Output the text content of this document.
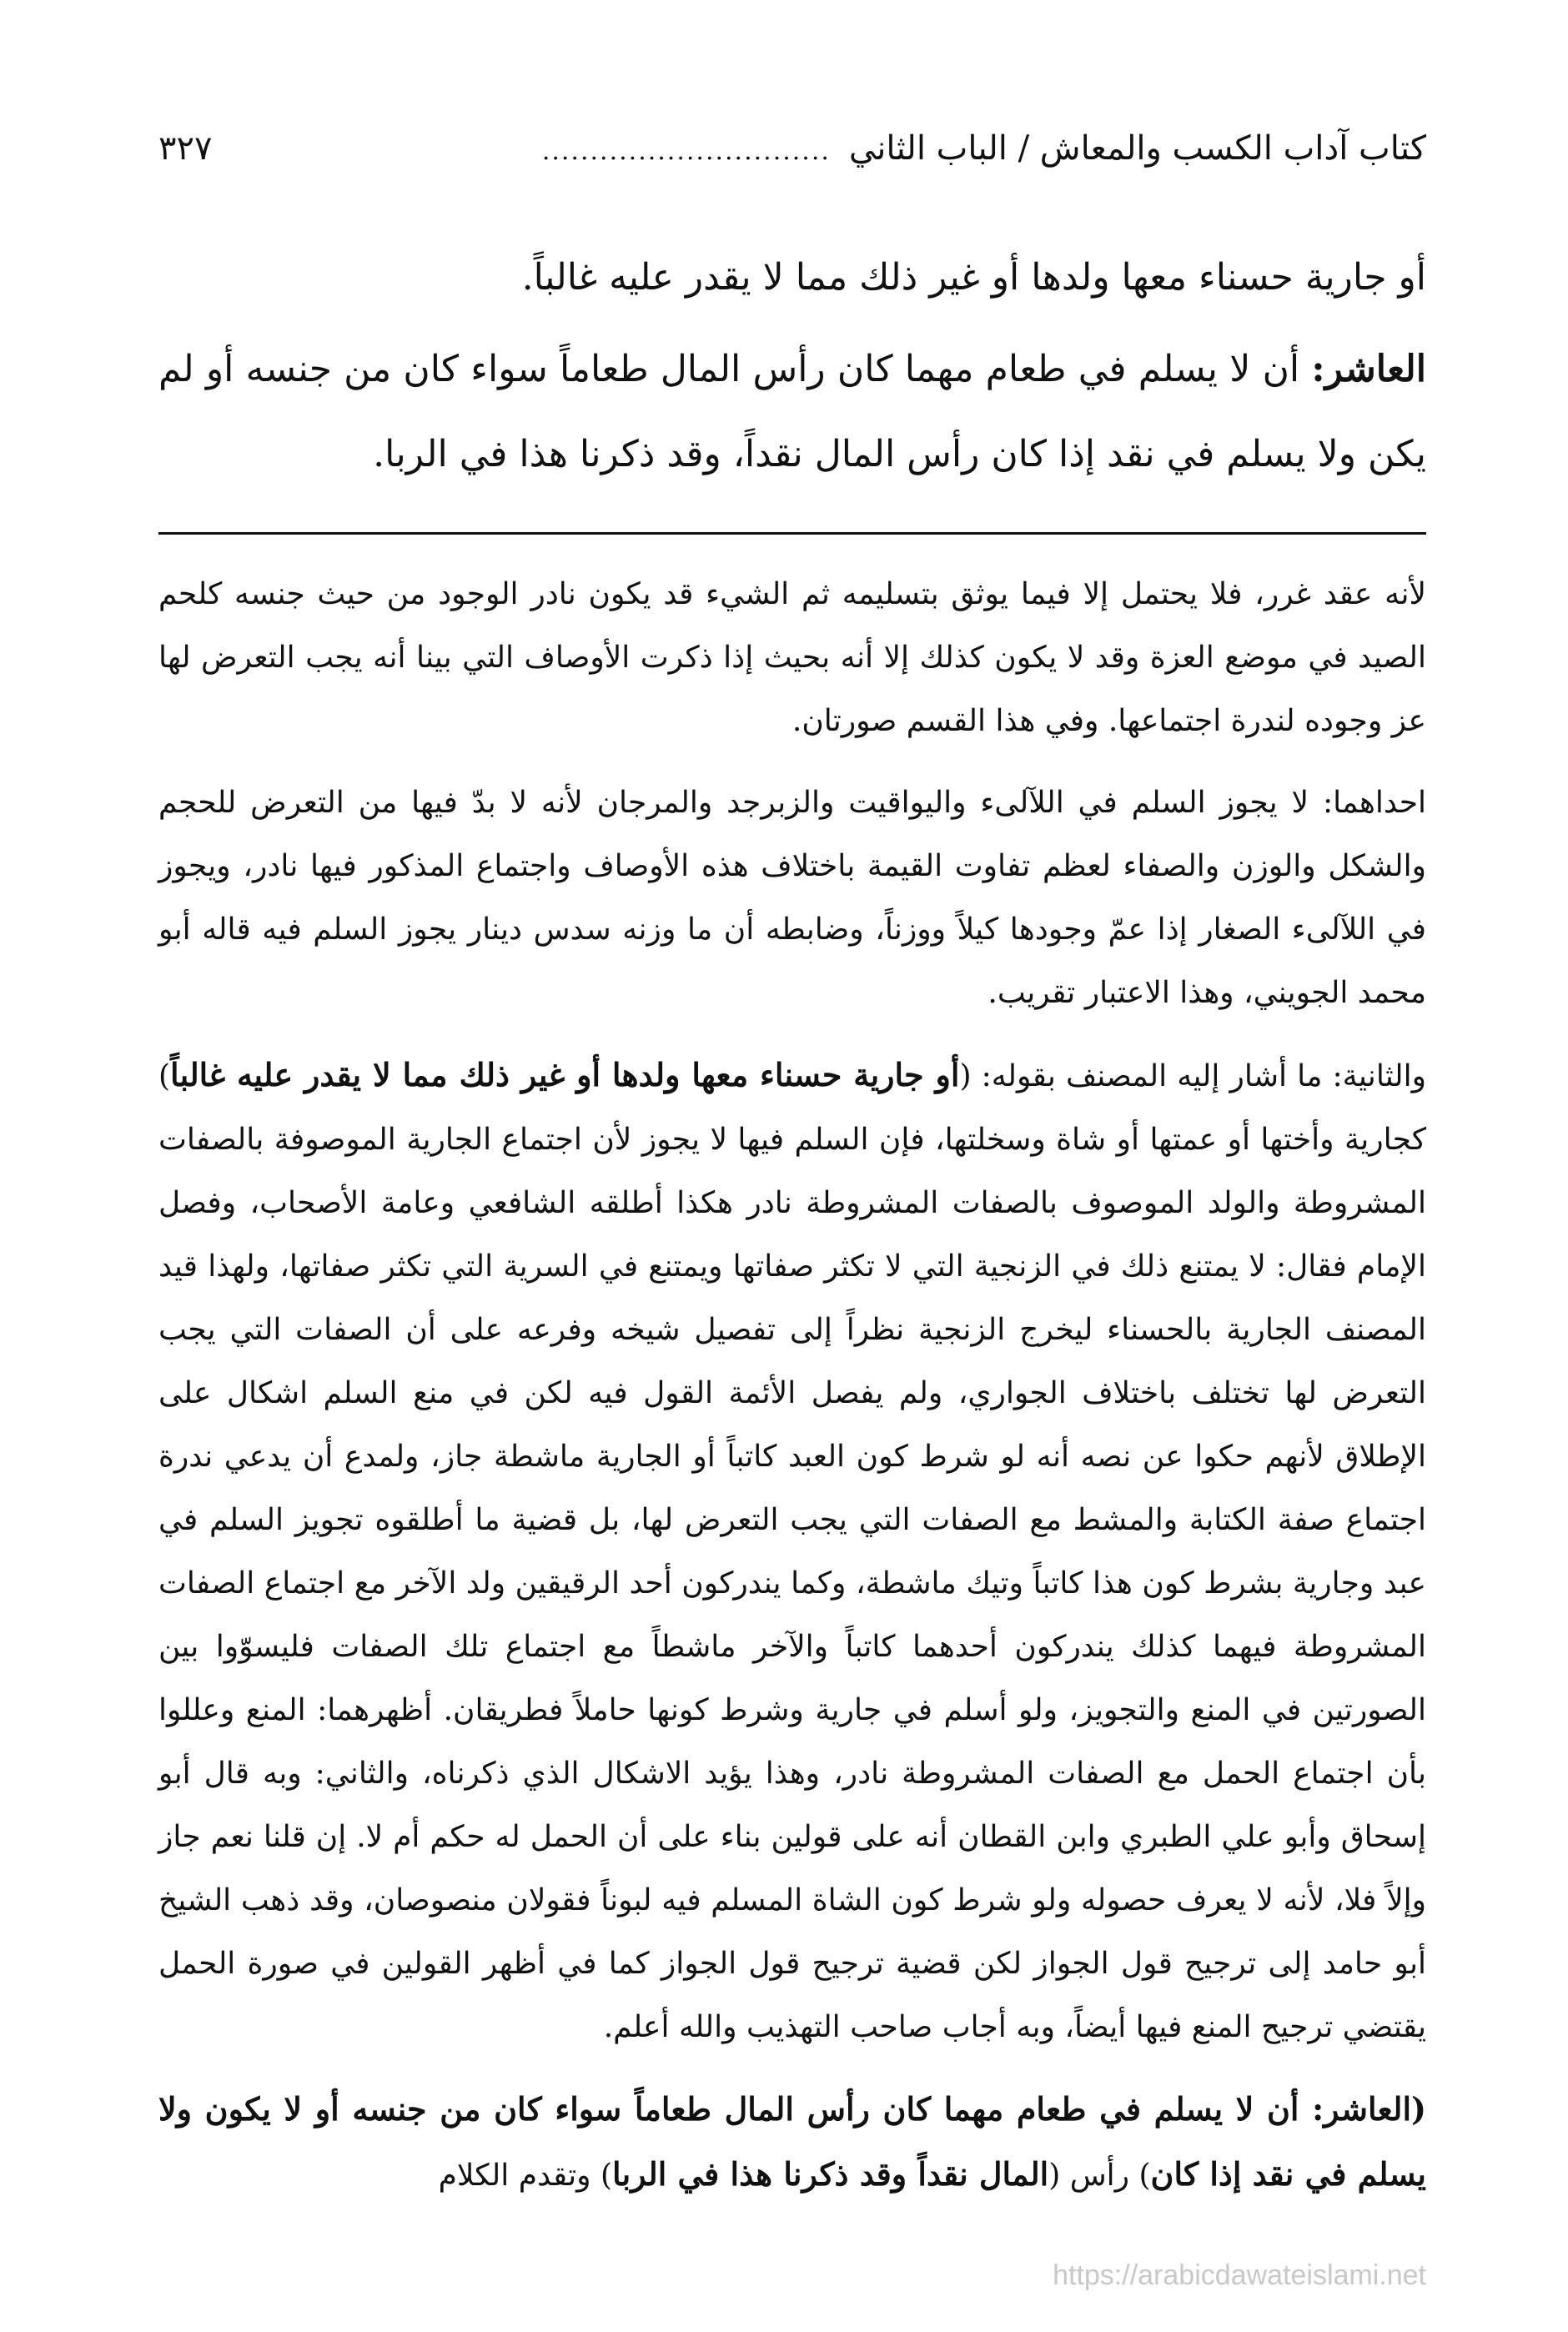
كتاب آداب الكسب والمعاش / الباب الثاني
..............................
٣٢٧

أو جارية حسناء معها ولدها أو غير ذلك مما لا يقدر عليه غالباً.

العاشر: أن لا يسلم في طعام مهما كان رأس المال طعاماً سواء كان من جنسه أو لم يكن ولا يسلم في نقد إذا كان رأس المال نقداً، وقد ذكرنا هذا في الربا.

لأنه عقد غرر، فلا يحتمل إلا فيما يوثق بتسليمه ثم الشيء قد يكون نادر الوجود من حيث جنسه كلحم الصيد في موضع العزة وقد لا يكون كذلك إلا أنه بحيث إذا ذكرت الأوصاف التي بينا أنه يجب التعرض لها عز وجوده لندرة اجتماعها. وفي هذا القسم صورتان.

احداهما: لا يجوز السلم في اللآلىء واليواقيت والزبرجد والمرجان لأنه لا بدّ فيها من التعرض للحجم والشكل والوزن والصفاء لعظم تفاوت القيمة باختلاف هذه الأوصاف واجتماع المذكور فيها نادر، ويجوز في اللآلىء الصغار إذا عمّ وجودها كيلاً ووزناً، وضابطه أن ما وزنه سدس دينار يجوز السلم فيه قاله أبو محمد الجويني، وهذا الاعتبار تقريب.

والثانية: ما أشار إليه المصنف بقوله: (أو جارية حسناء معها ولدها أو غير ذلك مما لا يقدر عليه غالباً) كجارية وأختها أو عمتها أو شاة وسخلتها، فإن السلم فيها لا يجوز لأن اجتماع الجارية الموصوفة بالصفات المشروطة والولد الموصوف بالصفات المشروطة نادر هكذا أطلقه الشافعي وعامة الأصحاب، وفصل الإمام فقال: لا يمتنع ذلك في الزنجية التي لا تكثر صفاتها ويمتنع في السرية التي تكثر صفاتها، ولهذا قيد المصنف الجارية بالحسناء ليخرج الزنجية نظراً إلى تفصيل شيخه وفرعه على أن الصفات التي يجب التعرض لها تختلف باختلاف الجواري، ولم يفصل الأئمة القول فيه لكن في منع السلم اشكال على الإطلاق لأنهم حكوا عن نصه أنه لو شرط كون العبد كاتباً أو الجارية ماشطة جاز، ولمدع أن يدعي ندرة اجتماع صفة الكتابة والمشط مع الصفات التي يجب التعرض لها، بل قضية ما أطلقوه تجويز السلم في عبد وجارية بشرط كون هذا كاتباً وتيك ماشطة، وكما يندركون أحد الرقيقين ولد الآخر مع اجتماع الصفات المشروطة فيهما كذلك يندركون أحدهما كاتباً والآخر ماشطاً مع اجتماع تلك الصفات فليسوّوا بين الصورتين في المنع والتجويز، ولو أسلم في جارية وشرط كونها حاملاً فطريقان. أظهرهما: المنع وعللوا بأن اجتماع الحمل مع الصفات المشروطة نادر، وهذا يؤيد الاشكال الذي ذكرناه، والثاني: وبه قال أبو إسحاق وأبو علي الطبري وابن القطان أنه على قولين بناء على أن الحمل له حكم أم لا. إن قلنا نعم جاز وإلاً فلا، لأنه لا يعرف حصوله ولو شرط كون الشاة المسلم فيه لبوناً فقولان منصوصان، وقد ذهب الشيخ أبو حامد إلى ترجيح قول الجواز لكن قضية ترجيح قول الجواز كما في أظهر القولين في صورة الحمل يقتضي ترجيح المنع فيها أيضاً، وبه أجاب صاحب التهذيب والله أعلم.

(العاشر: أن لا يسلم في طعام مهما كان رأس المال طعاماً سواء كان من جنسه أو لا يكون ولا يسلم في نقد إذا كان) رأس (المال نقداً وقد ذكرنا هذا في الربا) وتقدم الكلام

https://arabicdawateislami.net
